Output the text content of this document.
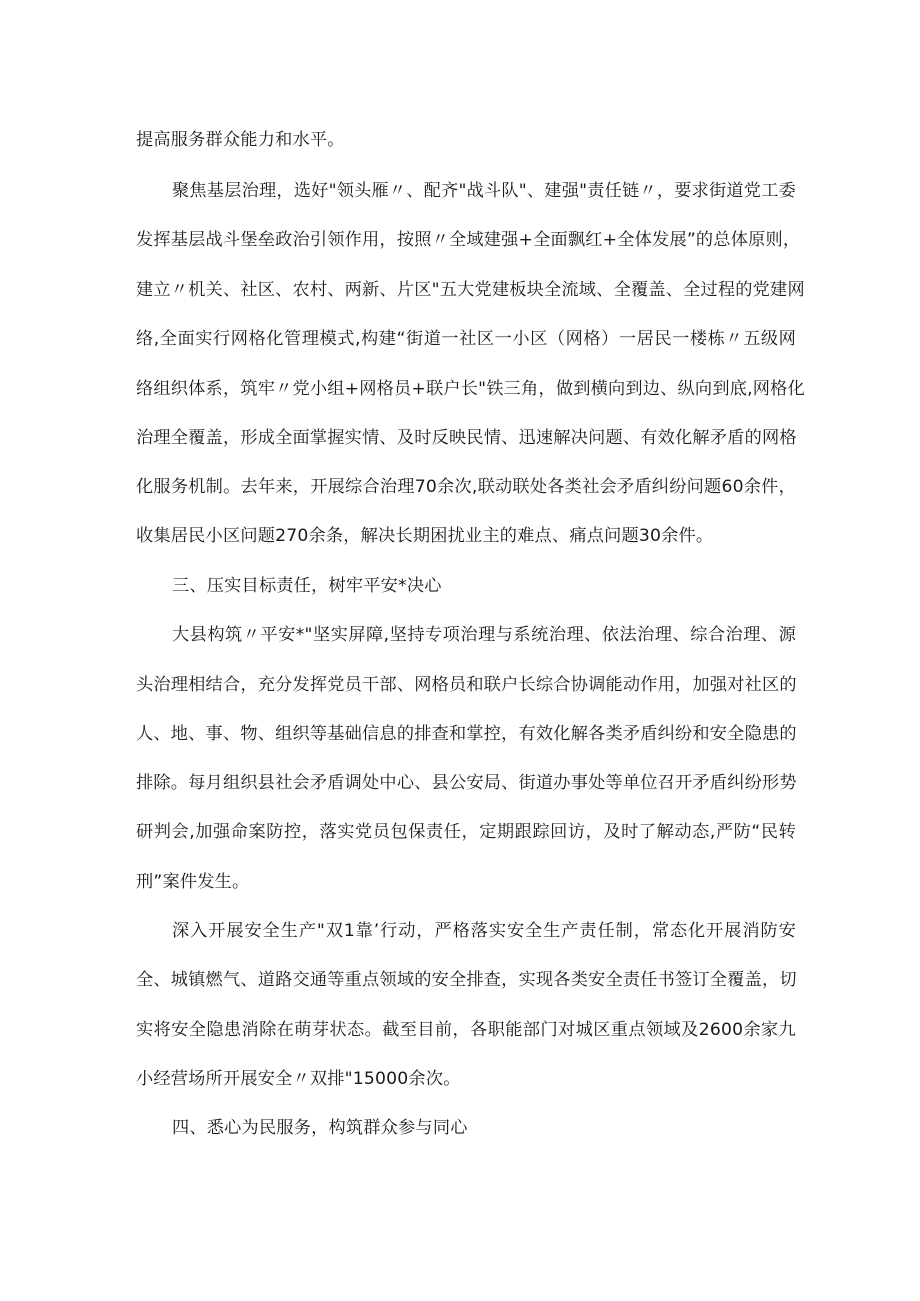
提高服务群众能力和水平。
聚焦基层治理，选好"领头雁〃、配齐"战斗队"、建强"责任链〃，要求街道党工委
发挥基层战斗堡垒政治引领作用，按照〃全域建强+全面飘红+全体发展”的总体原则，
建立〃机关、社区、农村、两新、片区"五大党建板块全流域、全覆盖、全过程的党建网
络,全面实行网格化管理模式,构建“街道一社区一小区（网格）一居民一楼栋〃五级网
络组织体系，筑牢〃党小组+网格员+联户长"铁三角，做到横向到边、纵向到底,网格化
治理全覆盖，形成全面掌握实情、及时反映民情、迅速解决问题、有效化解矛盾的网格
化服务机制。去年来，开展综合治理70余次,联动联处各类社会矛盾纠纷问题60余件，
收集居民小区问题270余条，解决长期困扰业主的难点、痛点问题30余件。
三、压实目标责任，树牢平安*决心
大县构筑〃平安*"坚实屏障,坚持专项治理与系统治理、依法治理、综合治理、源
头治理相结合，充分发挥党员干部、网格员和联户长综合协调能动作用，加强对社区的
人、地、事、物、组织等基础信息的排查和掌控，有效化解各类矛盾纠纷和安全隐患的
排除。每月组织县社会矛盾调处中心、县公安局、街道办事处等单位召开矛盾纠纷形势
研判会,加强命案防控，落实党员包保责任，定期跟踪回访，及时了解动态,严防“民转
刑”案件发生。
深入开展安全生产"双1靠’行动，严格落实安全生产责任制，常态化开展消防安
全、城镇燃气、道路交通等重点领域的安全排查，实现各类安全责任书签订全覆盖，切
实将安全隐患消除在萌芽状态。截至目前，各职能部门对城区重点领域及2600余家九
小经营场所开展安全〃双排"15000余次。
四、悉心为民服务，构筑群众参与同心
